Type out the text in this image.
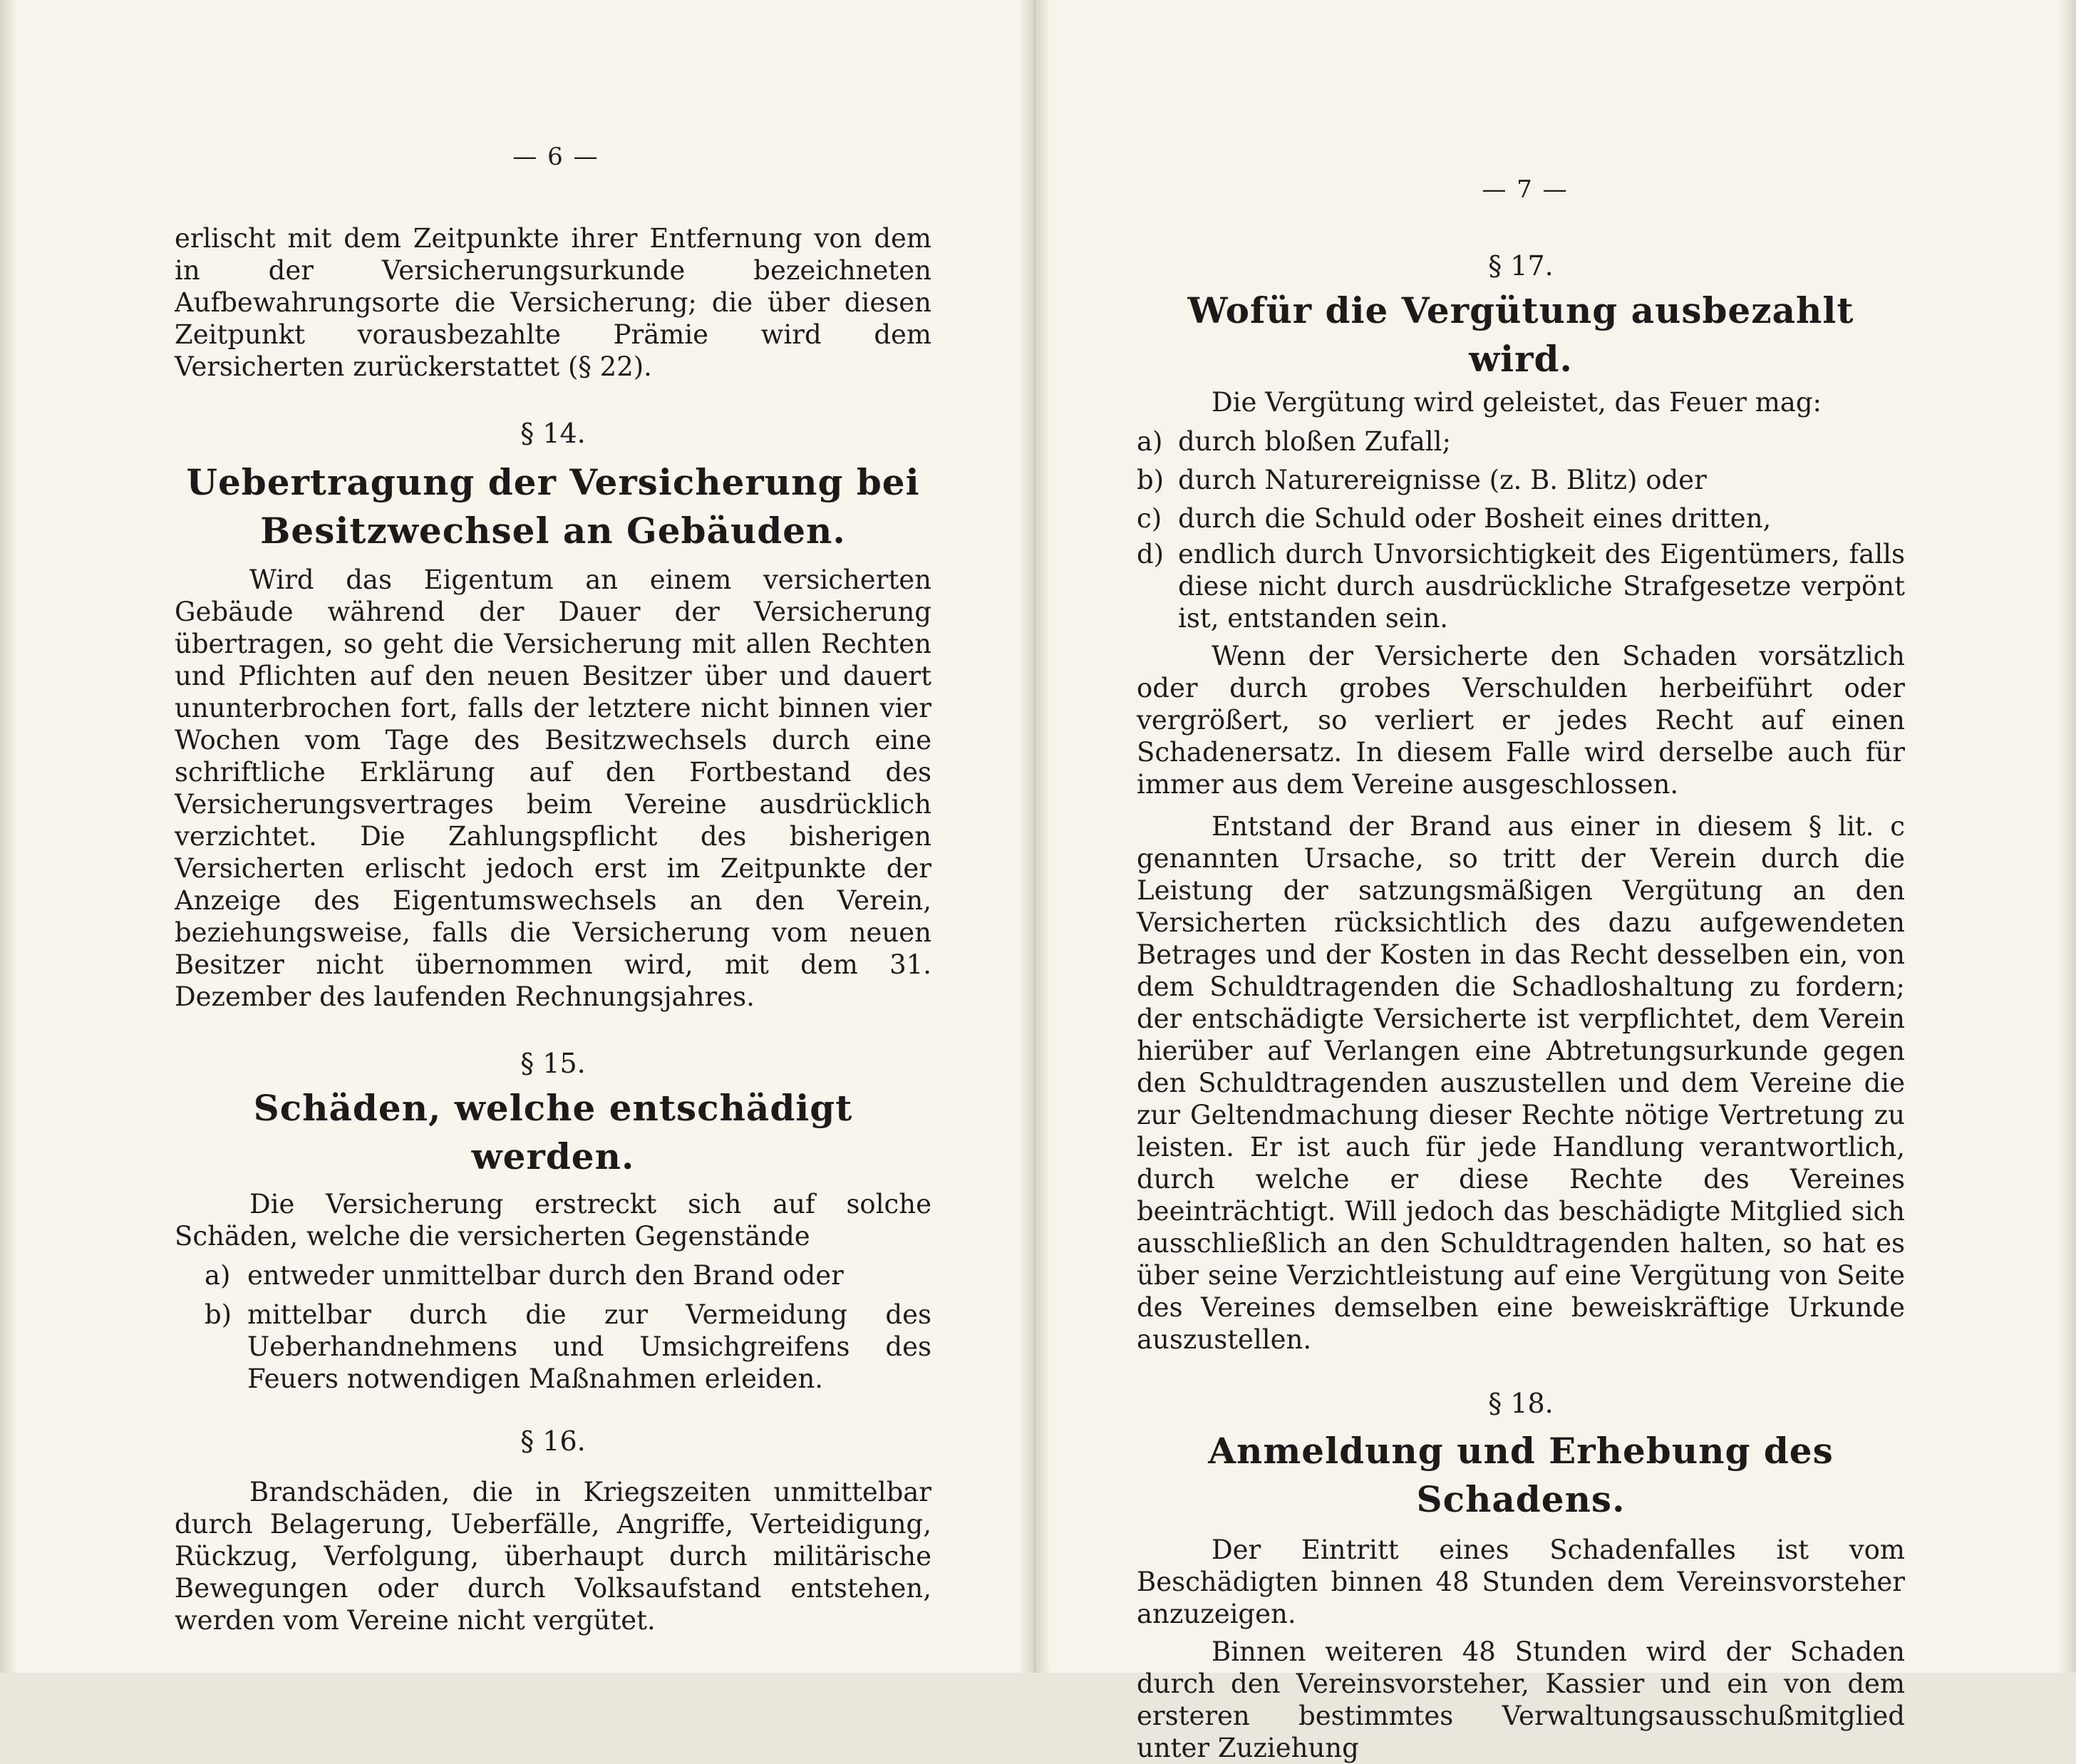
— 6 —

erlischt mit dem Zeitpunkte ihrer Entfernung von dem in der Versicherungsurkunde bezeichneten Aufbewahrungsorte die Versicherung; die über diesen Zeitpunkt vorausbezahlte Prämie wird dem Versicherten zurückerstattet (§ 22).

§ 14.
Uebertragung der Versicherung bei
Besitzwechsel an Gebäuden.

Wird das Eigentum an einem versicherten Gebäude während der Dauer der Versicherung übertragen, so geht die Versicherung mit allen Rechten und Pflichten auf den neuen Besitzer über und dauert ununterbrochen fort, falls der letztere nicht binnen vier Wochen vom Tage des Besitzwechsels durch eine schriftliche Erklärung auf den Fortbestand des Versicherungsvertrages beim Vereine ausdrücklich verzichtet. Die Zahlungspflicht des bisherigen Versicherten erlischt jedoch erst im Zeitpunkte der Anzeige des Eigentumswechsels an den Verein, beziehungsweise, falls die Versicherung vom neuen Besitzer nicht übernommen wird, mit dem 31. Dezember des laufenden Rechnungsjahres.

§ 15.
Schäden, welche entschädigt werden.

Die Versicherung erstreckt sich auf solche Schäden, welche die versicherten Gegenstände

a) entweder unmittelbar durch den Brand oder
b) mittelbar durch die zur Vermeidung des Ueberhandnehmens und Umsichgreifens des Feuers notwendigen Maßnahmen erleiden.
§ 16.

Brandschäden, die in Kriegszeiten unmittelbar durch Belagerung, Ueberfälle, Angriffe, Verteidigung, Rückzug, Verfolgung, überhaupt durch militärische Bewegungen oder durch Volksaufstand entstehen, werden vom Vereine nicht vergütet.

— 7 —
§ 17.
Wofür die Vergütung ausbezahlt wird.

Die Vergütung wird geleistet, das Feuer mag:

a) durch bloßen Zufall;
b) durch Naturereignisse (z. B. Blitz) oder
c) durch die Schuld oder Bosheit eines dritten,
d) endlich durch Unvorsichtigkeit des Eigentümers, falls diese nicht durch ausdrückliche Strafgesetze verpönt ist, entstanden sein.

Wenn der Versicherte den Schaden vorsätzlich oder durch grobes Verschulden herbeiführt oder vergrößert, so verliert er jedes Recht auf einen Schadenersatz. In diesem Falle wird derselbe auch für immer aus dem Vereine ausgeschlossen.

Entstand der Brand aus einer in diesem § lit. c genannten Ursache, so tritt der Verein durch die Leistung der satzungsmäßigen Vergütung an den Versicherten rücksichtlich des dazu aufgewendeten Betrages und der Kosten in das Recht desselben ein, von dem Schuldtragenden die Schadloshaltung zu fordern; der entschädigte Versicherte ist verpflichtet, dem Verein hierüber auf Verlangen eine Abtretungsurkunde gegen den Schuldtragenden auszustellen und dem Vereine die zur Geltendmachung dieser Rechte nötige Vertretung zu leisten. Er ist auch für jede Handlung verantwortlich, durch welche er diese Rechte des Vereines beeinträchtigt. Will jedoch das beschädigte Mitglied sich ausschließlich an den Schuldtragenden halten, so hat es über seine Verzichtleistung auf eine Vergütung von Seite des Vereines demselben eine beweiskräftige Urkunde auszustellen.

§ 18.
Anmeldung und Erhebung des Schadens.

Der Eintritt eines Schadenfalles ist vom Beschädigten binnen 48 Stunden dem Vereinsvorsteher anzuzeigen.

Binnen weiteren 48 Stunden wird der Schaden durch den Vereinsvorsteher, Kassier und ein von dem ersteren bestimmtes Verwaltungsausschußmitglied unter Zuziehung
